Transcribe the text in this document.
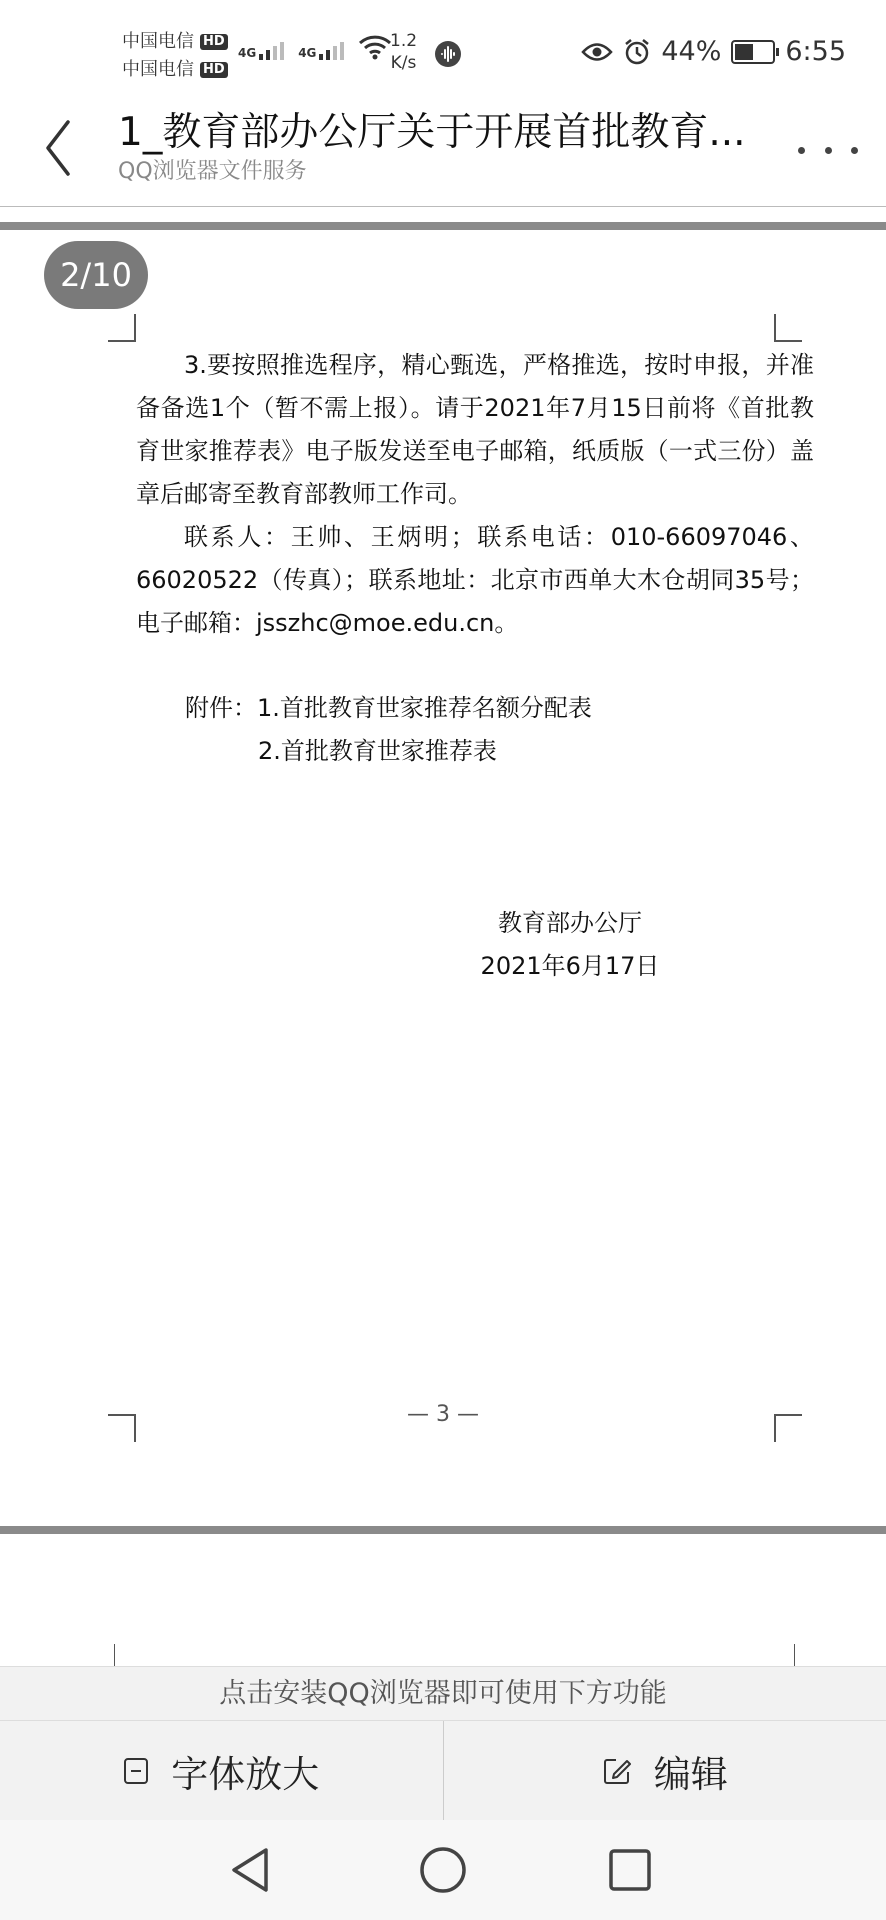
中国电信 HD
中国电信 HD
4G	4G
1.2
K/s	44% 6:55
1_教育部办公厅关于开展首批教育...
QQ浏览器文件服务
2/10

3.要按照推选程序，精心甄选，严格推选，按时申报，并准备备选1个（暂不需上报）。请于2021年7月15日前将《首批教育世家推荐表》电子版发送至电子邮箱，纸质版（一式三份）盖章后邮寄至教育部教师工作司。

联系人：王帅、王炳明；联系电话：010-66097046、66020522（传真）；联系地址：北京市西单大木仓胡同35号；电子邮箱：jsszhc@moe.edu.cn。

附件：1.首批教育世家推荐名额分配表
2.首批教育世家推荐表
教育部办公厅
2021年6月17日
— 3 —
点击安装QQ浏览器即可使用下方功能
字体放大	编辑
